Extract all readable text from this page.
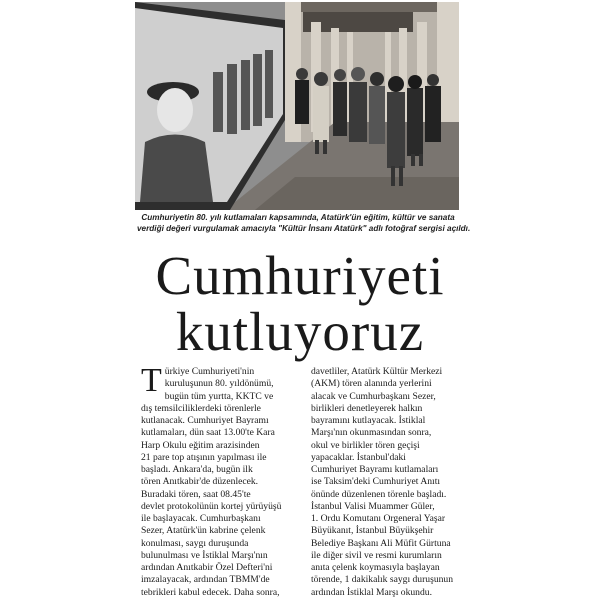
Cumhuriyetin 80. yılı kutlamaları kapsamında, Atatürk'ün eğitim, kültür ve sanata
verdiği değeri vurgulamak amacıyla "Kültür İnsanı Atatürk" adlı fotoğraf sergisi açıldı.
Cumhuriyeti
kutluyoruz
T ürkiye Cumhuriyeti'nin
kuruluşunun 80. yıldönümü,
bugün tüm yurtta, KKTC ve
dış temsilciliklerdeki törenlerle
kutlanacak. Cumhuriyet Bayramı
kutlamaları, dün saat 13.00'te Kara
Harp Okulu eğitim arazisinden
21 pare top atışının yapılması ile
başladı. Ankara'da, bugün ilk
tören Anıtkabir'de düzenlecek.
Buradaki tören, saat 08.45'te
devlet protokolünün kortej yürüyüşü
ile başlayacak. Cumhurbaşkanı
Sezer, Atatürk'ün kabrine çelenk
konulması, saygı duruşunda
bulunulması ve İstiklal Marşı'nın
ardından Anıtkabir Özel Defteri'ni
imzalayacak, ardından TBMM'de
tebrikleri kabul edecek. Daha sonra,
davetliler, Atatürk Kültür Merkezi
(AKM) tören alanında yerlerini
alacak ve Cumhurbaşkanı Sezer,
birlikleri denetleyerek halkın
bayramını kutlayacak. İstiklal
Marşı'nın okunmasından sonra,
okul ve birlikler tören geçişi
yapacaklar. İstanbul'daki
Cumhuriyet Bayramı kutlamaları
ise Taksim'deki Cumhuriyet Anıtı
önünde düzenlenen törenle başladı.
İstanbul Valisi Muammer Güler,
1. Ordu Komutanı Orgeneral Yaşar
Büyükanıt, İstanbul Büyükşehir
Belediye Başkanı Ali Müfit Gürtuna
ile diğer sivil ve resmi kurumların
anıta çelenk koymasıyla başlayan
törende, 1 dakikalık saygı duruşunun
ardından İstiklal Marşı okundu.
